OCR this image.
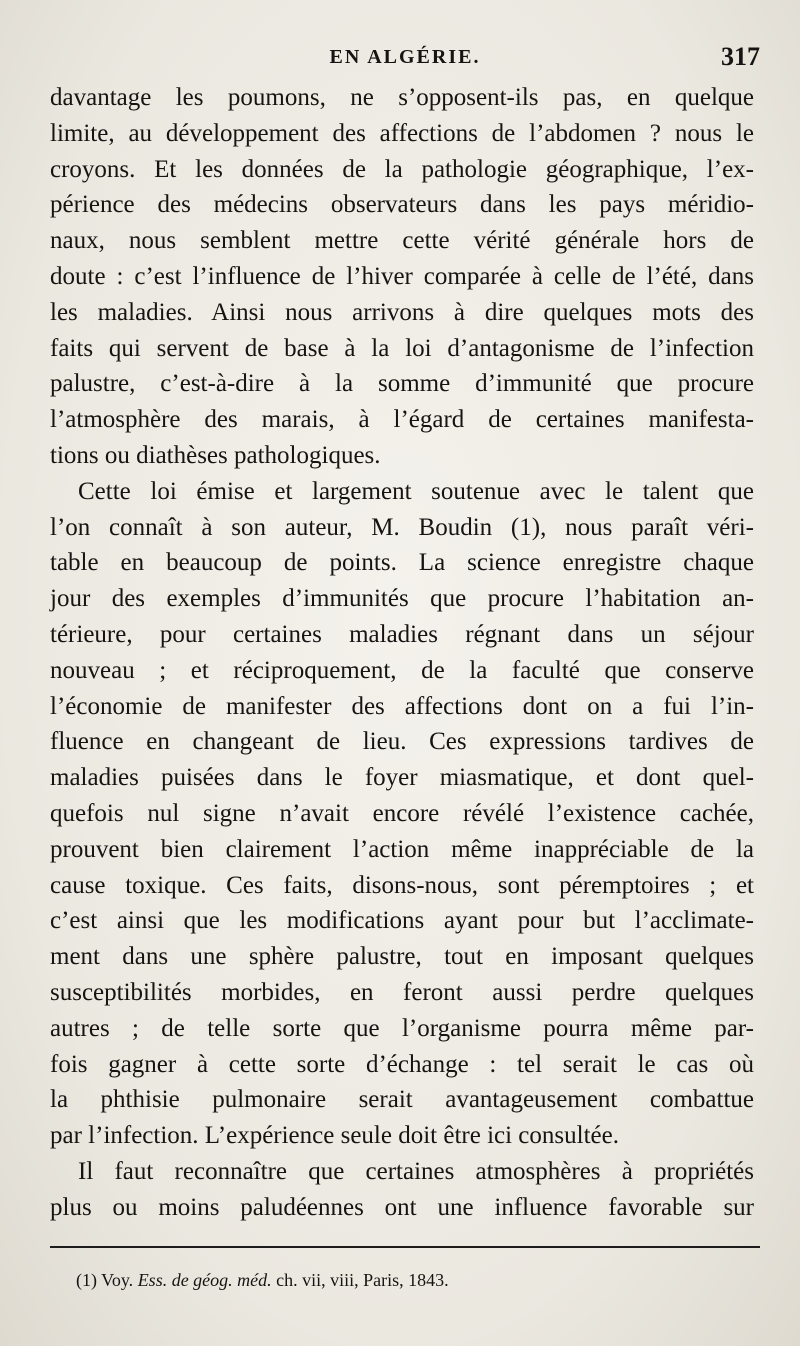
EN ALGÉRIE.	317
davantage les poumons, ne s’opposent-ils pas, en quelque
limite, au développement des affections de l’abdomen ? nous le
croyons. Et les données de la pathologie géographique, l’ex-
périence des médecins observateurs dans les pays méridio-
naux, nous semblent mettre cette vérité générale hors de
doute : c’est l’influence de l’hiver comparée à celle de l’été, dans
les maladies. Ainsi nous arrivons à dire quelques mots des
faits qui servent de base à la loi d’antagonisme de l’infection
palustre, c’est-à-dire à la somme d’immunité que procure
l’atmosphère des marais, à l’égard de certaines manifesta-
tions ou diathèses pathologiques.
Cette loi émise et largement soutenue avec le talent que
l’on connaît à son auteur, M. Boudin (1), nous paraît véri-
table en beaucoup de points. La science enregistre chaque
jour des exemples d’immunités que procure l’habitation an-
térieure, pour certaines maladies régnant dans un séjour
nouveau ; et réciproquement, de la faculté que conserve
l’économie de manifester des affections dont on a fui l’in-
fluence en changeant de lieu. Ces expressions tardives de
maladies puisées dans le foyer miasmatique, et dont quel-
quefois nul signe n’avait encore révélé l’existence cachée,
prouvent bien clairement l’action même inappréciable de la
cause toxique. Ces faits, disons-nous, sont péremptoires ; et
c’est ainsi que les modifications ayant pour but l’acclimate-
ment dans une sphère palustre, tout en imposant quelques
susceptibilités morbides, en feront aussi perdre quelques
autres ; de telle sorte que l’organisme pourra même par-
fois gagner à cette sorte d’échange : tel serait le cas où
la phthisie pulmonaire serait avantageusement combattue
par l’infection. L’expérience seule doit être ici consultée.
Il faut reconnaître que certaines atmosphères à propriétés
plus ou moins paludéennes ont une influence favorable sur
(1) Voy. Ess. de géog. méd. ch. vii, viii, Paris, 1843.
